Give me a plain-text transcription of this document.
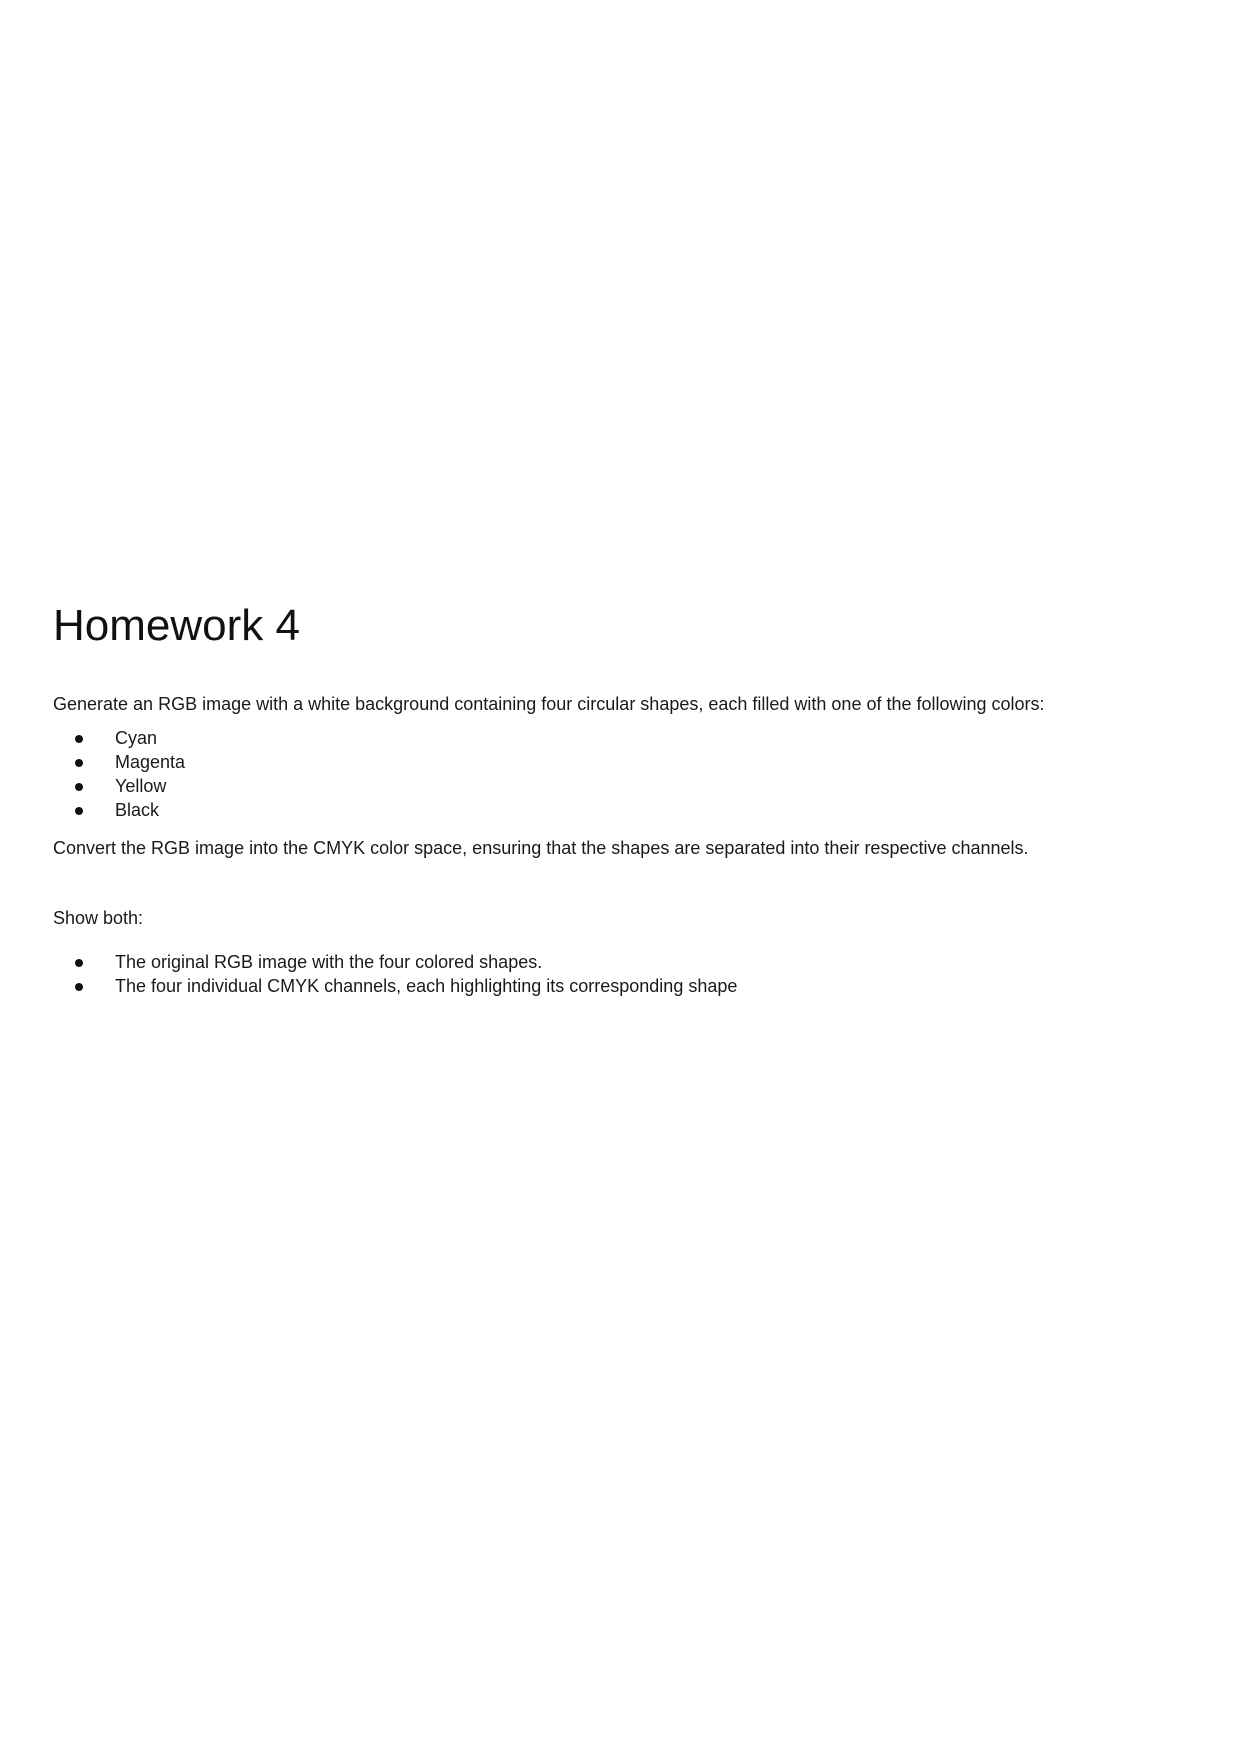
Homework 4

Generate an RGB image with a white background containing four circular shapes, each filled with one of the following colors:

Cyan
Magenta
Yellow
Black

Convert the RGB image into the CMYK color space, ensuring that the shapes are separated into their respective channels.

Show both:

The original RGB image with the four colored shapes.
The four individual CMYK channels, each highlighting its corresponding shape
